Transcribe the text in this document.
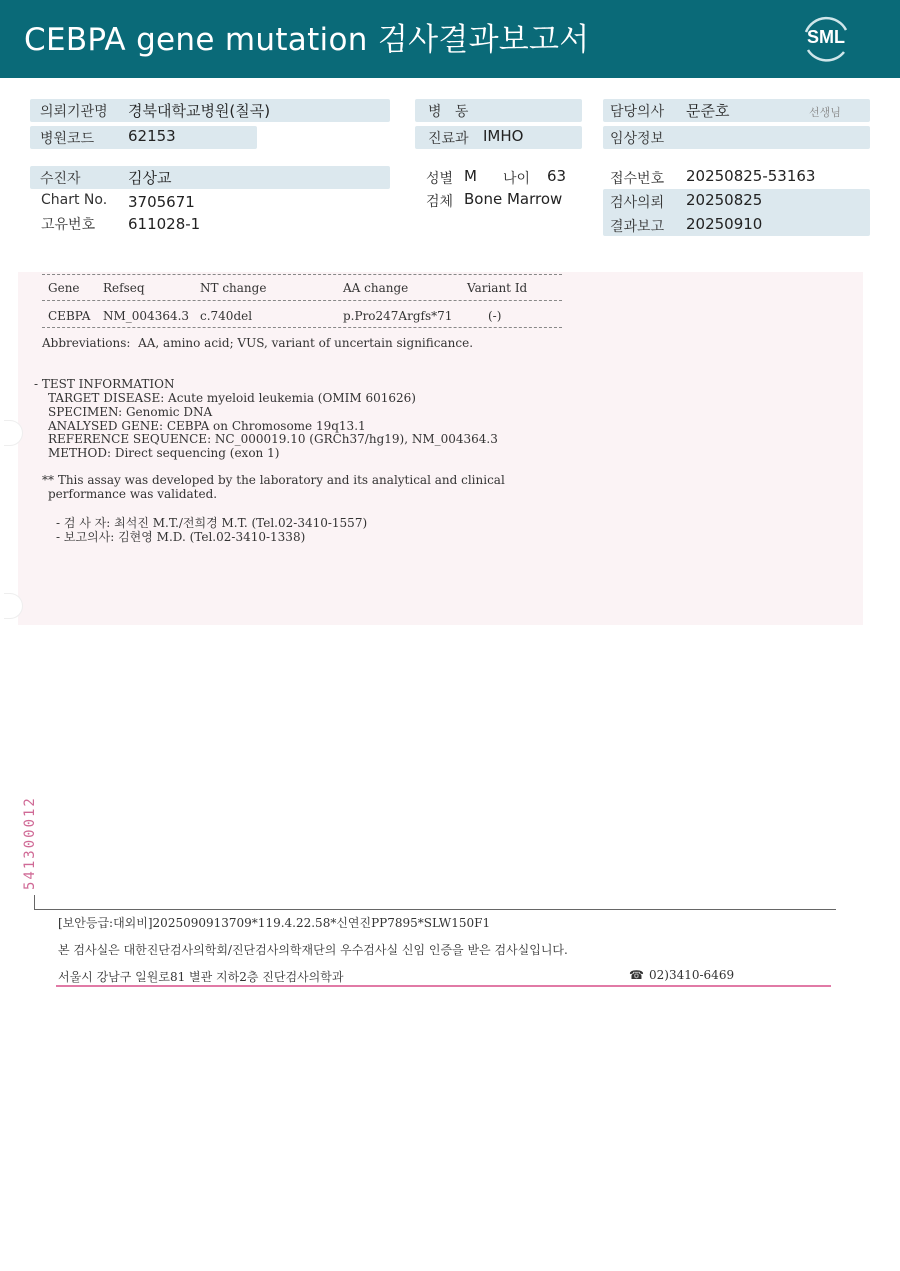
CEBPA gene mutation 검사결과보고서	SML
의뢰기관명 경북대학교병원(칠곡)	병   동	담당의사 문준호	선생님
병원코드 62153	진료과 IMHO	임상정보
수진자	김상교	성별 M 나이 63	접수번호 20250825-53163
Chart No. 3705671	검체 Bone Marrow	검사의뢰 20250825
고유번호 611028-1	결과보고 20250910
Gene Refseq	NT change	AA change	Variant Id
CEBPA NM_004364.3 c.740del	p.Pro247Argfs*71	(-)
Abbreviations:  AA, amino acid; VUS, variant of uncertain significance.
- TEST INFORMATION
TARGET DISEASE: Acute myeloid leukemia (OMIM 601626)
SPECIMEN: Genomic DNA
ANALYSED GENE: CEBPA on Chromosome 19q13.1
REFERENCE SEQUENCE: NC_000019.10 (GRCh37/hg19), NM_004364.3
METHOD: Direct sequencing (exon 1)
** This assay was developed by the laboratory and its analytical and clinical
performance was validated.
- 검 사 자: 최석진 M.T./전희경 M.T. (Tel.02-3410-1557)
- 보고의사: 김현영 M.D. (Tel.02-3410-1338)
541300012
[보안등급:대외비]2025090913709*119.4.22.58*신연진PP7895*SLW150F1
본 검사실은 대한진단검사의학회/진단검사의학재단의 우수검사실 신임 인증을 받은 검사실입니다.
서울시 강남구 일원로81 별관 지하2층 진단검사의학과	☎ 02)3410-6469
